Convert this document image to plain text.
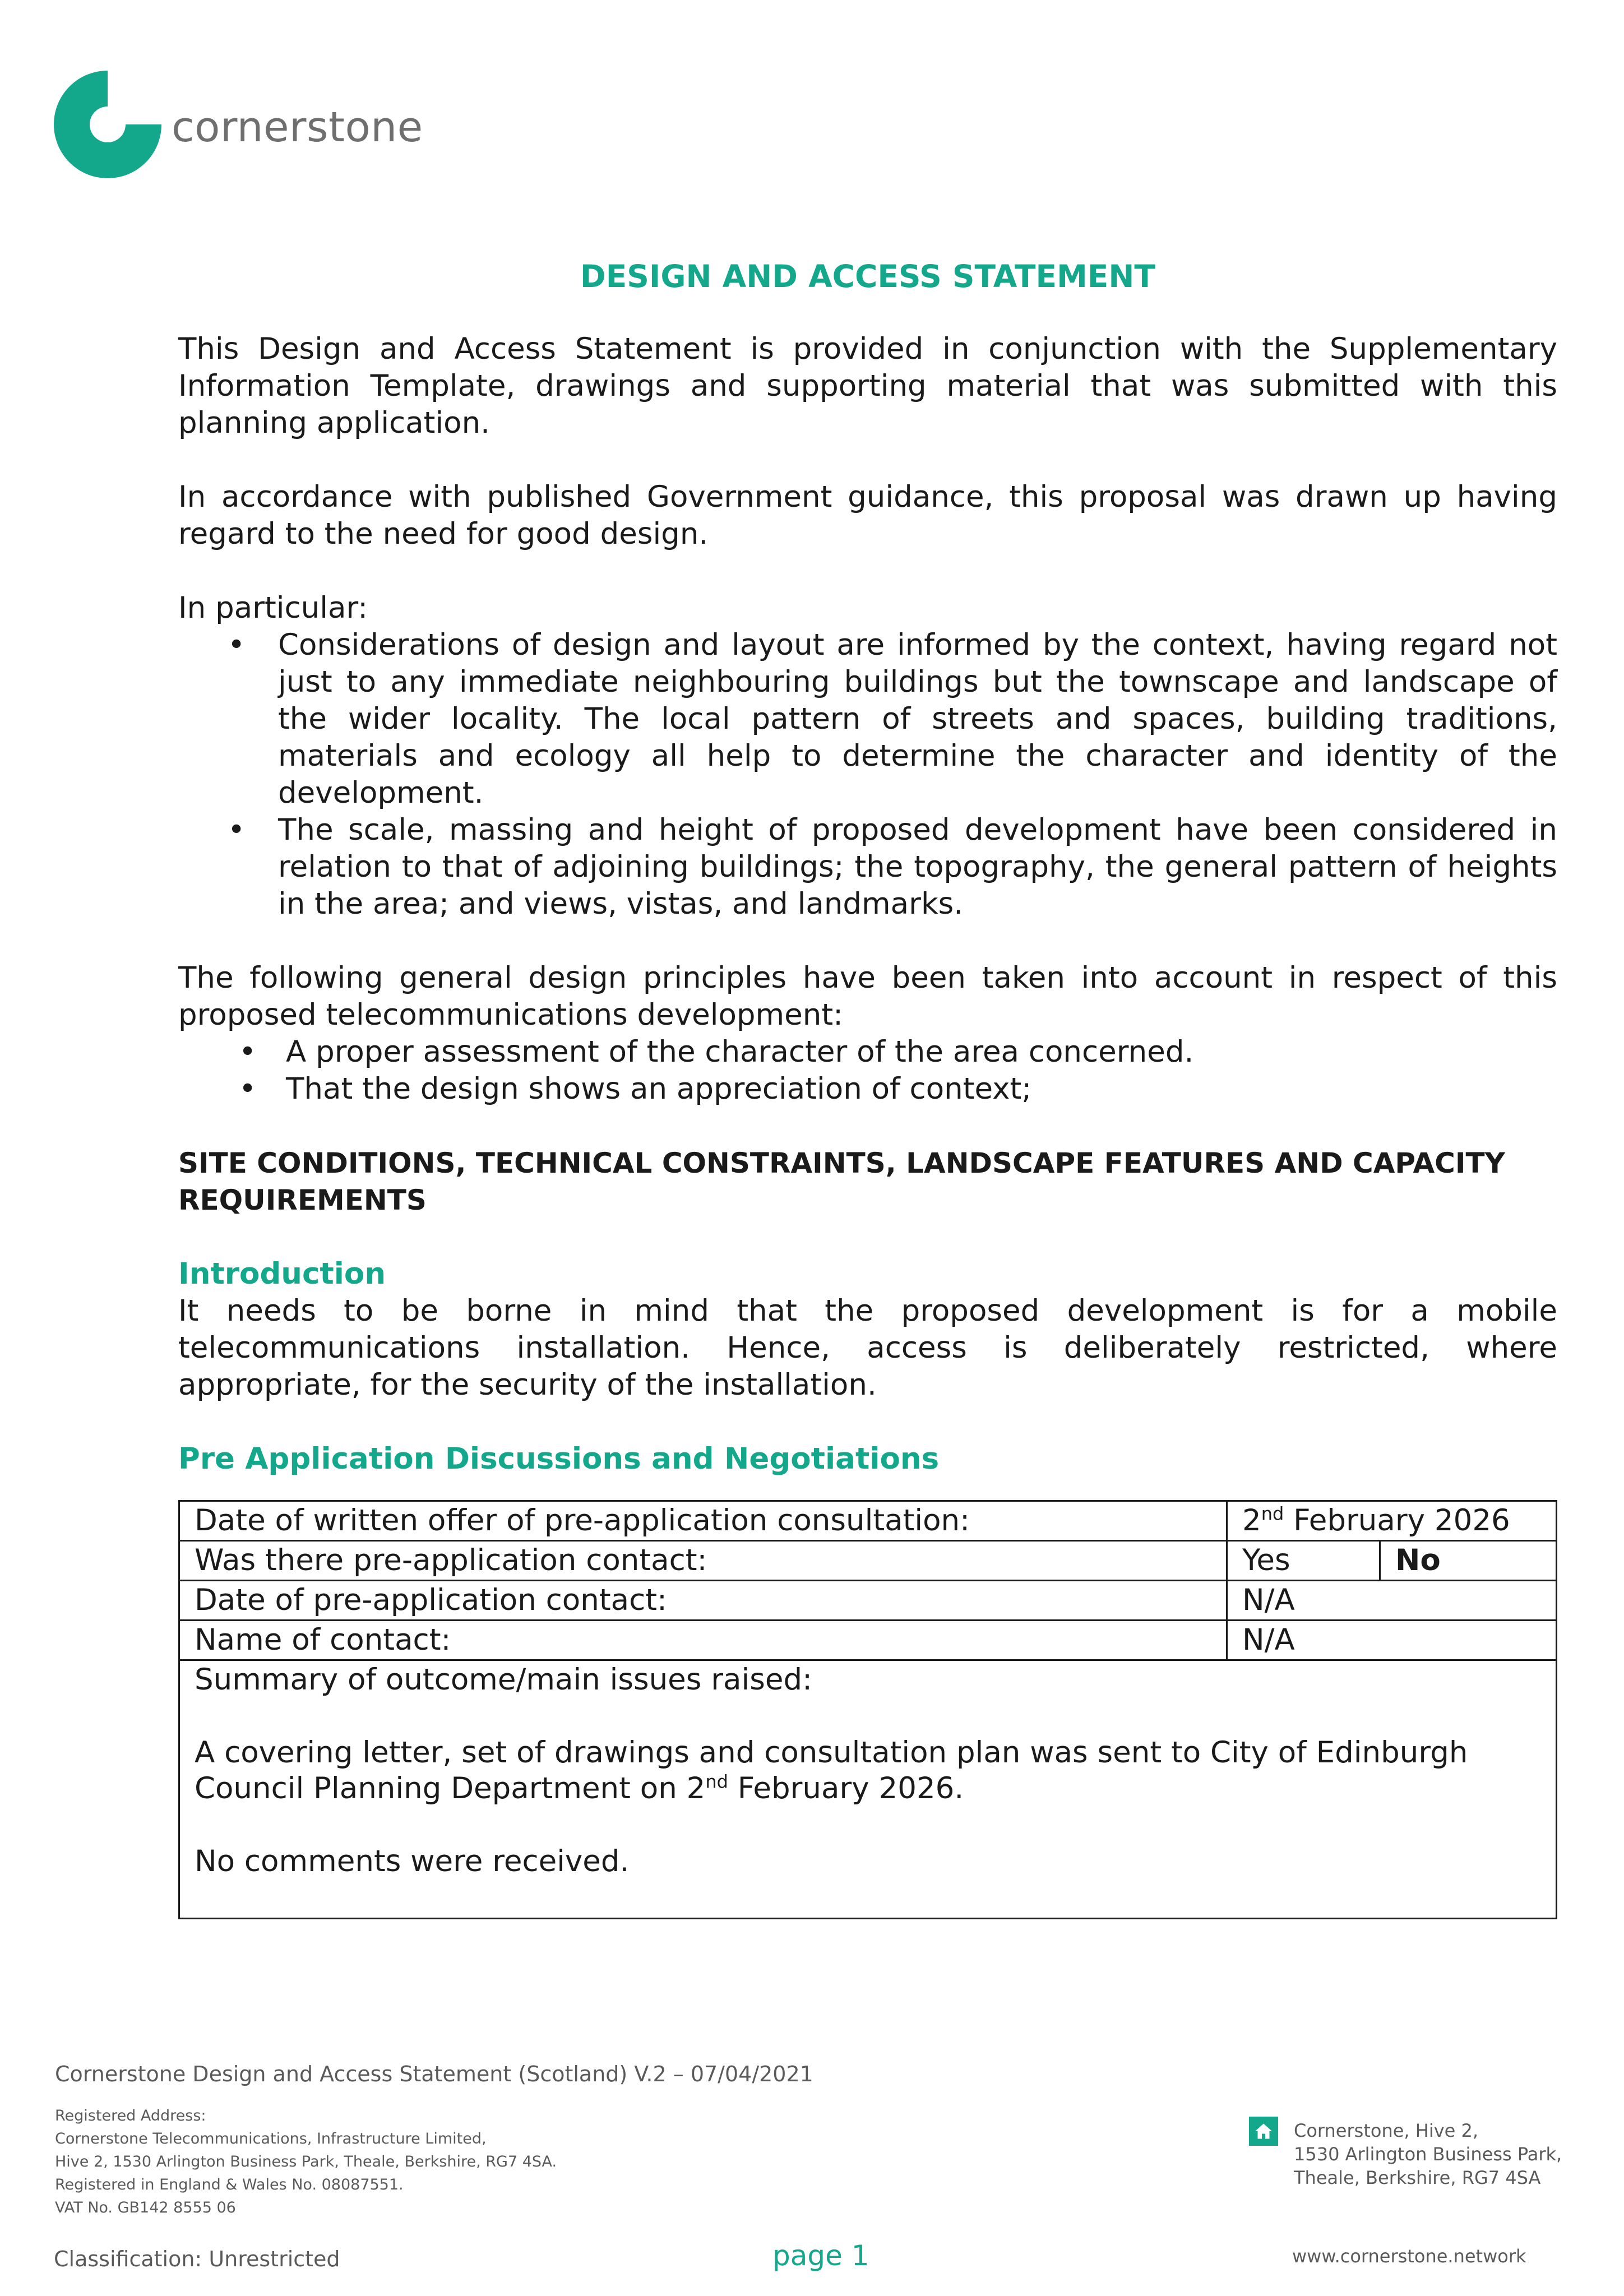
cornerstone
DESIGN AND ACCESS STATEMENT

This Design and Access Statement is provided in conjunction with the Supplementary Information Template, drawings and supporting material that was submitted with this planning application.

In accordance with published Government guidance, this proposal was drawn up having regard to the need for good design.

In particular:

• Considerations of design and layout are informed by the context, having regard not just to any immediate neighbouring buildings but the townscape and landscape of the wider locality. The local pattern of streets and spaces, building traditions, materials and ecology all help to determine the character and identity of the development.
• The scale, massing and height of proposed development have been considered in relation to that of adjoining buildings; the topography, the general pattern of heights in the area; and views, vistas, and landmarks.

The following general design principles have been taken into account in respect of this proposed telecommunications development:

• A proper assessment of the character of the area concerned.
• That the design shows an appreciation of context;
SITE CONDITIONS, TECHNICAL CONSTRAINTS, LANDSCAPE FEATURES AND CAPACITY
REQUIREMENTS
Introduction

It needs to be borne in mind that the proposed development is for a mobile telecommunications installation. Hence, access is deliberately restricted, where appropriate, for the security of the installation.

Pre Application Discussions and Negotiations
Date of written offer of pre-application consultation:	2nd February 2026	
Was there pre-application contact:	Yes	No
Date of pre-application contact:	N/A	
Name of contact:	N/A	

Summary of outcome/main issues raised:
A covering letter, set of drawings and consultation plan was sent to City of Edinburgh Council Planning Department on 2nd February 2026.
No comments were received.		
Cornerstone Design and Access Statement (Scotland) V.2 – 07/04/2021
Registered Address:
Cornerstone Telecommunications, Infrastructure Limited,
Hive 2, 1530 Arlington Business Park, Theale, Berkshire, RG7 4SA.
Registered in England & Wales No. 08087551.
VAT No. GB142 8555 06
Cornerstone, Hive 2,
1530 Arlington Business Park,
Theale, Berkshire, RG7 4SA
Classification: Unrestricted	page 1	www.cornerstone.network
